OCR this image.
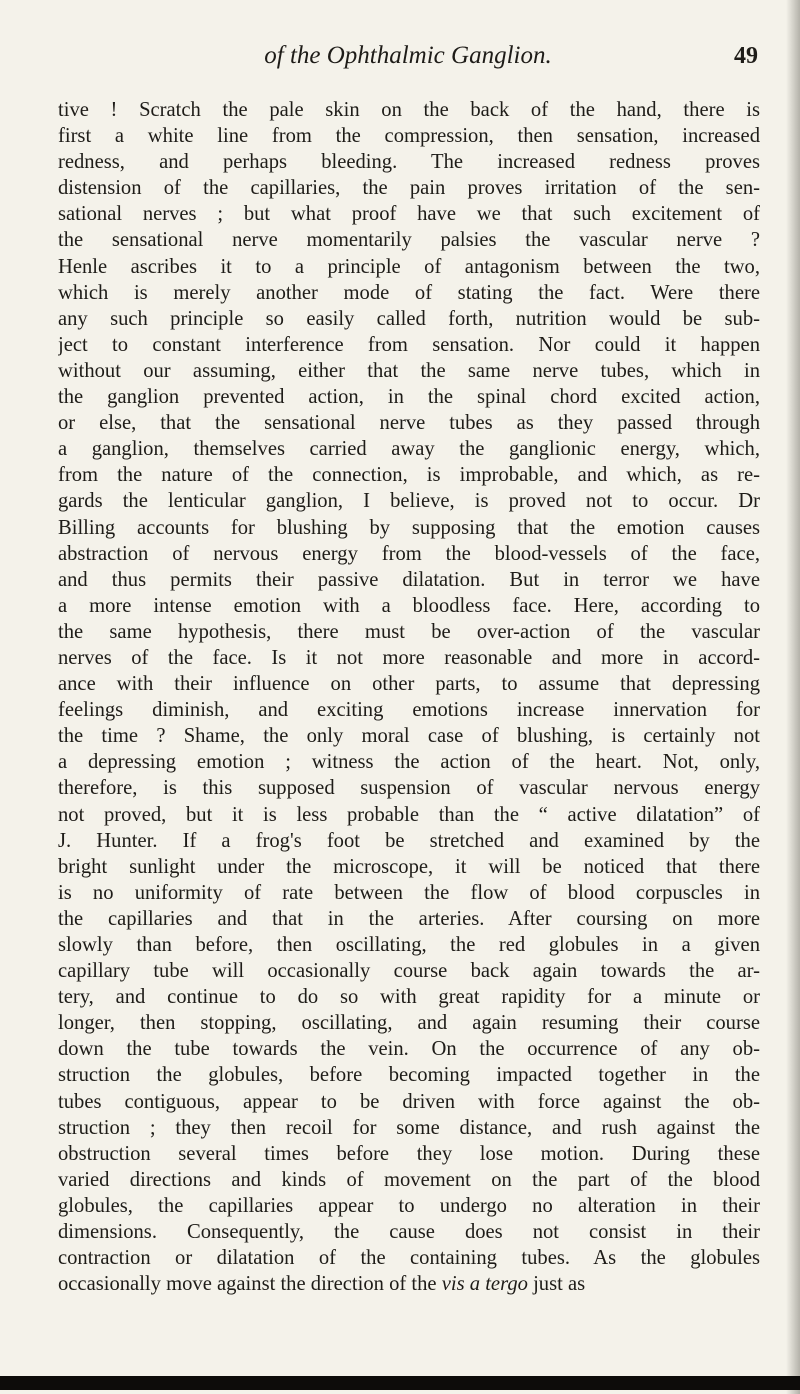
of the Ophthalmic Ganglion.	49
tive ! Scratch the pale skin on the back of the hand, there is
first a white line from the compression, then sensation, increased
redness, and perhaps bleeding. The increased redness proves
distension of the capillaries, the pain proves irritation of the sen-
sational nerves ; but what proof have we that such excitement of
the sensational nerve momentarily palsies the vascular nerve ?
Henle ascribes it to a principle of antagonism between the two,
which is merely another mode of stating the fact. Were there
any such principle so easily called forth, nutrition would be sub-
ject to constant interference from sensation. Nor could it happen
without our assuming, either that the same nerve tubes, which in
the ganglion prevented action, in the spinal chord excited action,
or else, that the sensational nerve tubes as they passed through
a ganglion, themselves carried away the ganglionic energy, which,
from the nature of the connection, is improbable, and which, as re-
gards the lenticular ganglion, I believe, is proved not to occur. Dr
Billing accounts for blushing by supposing that the emotion causes
abstraction of nervous energy from the blood-vessels of the face,
and thus permits their passive dilatation. But in terror we have
a more intense emotion with a bloodless face. Here, according to
the same hypothesis, there must be over-action of the vascular
nerves of the face. Is it not more reasonable and more in accord-
ance with their influence on other parts, to assume that depressing
feelings diminish, and exciting emotions increase innervation for
the time ? Shame, the only moral case of blushing, is certainly not
a depressing emotion ; witness the action of the heart. Not, only,
therefore, is this supposed suspension of vascular nervous energy
not proved, but it is less probable than the “ active dilatation” of
J. Hunter. If a frog's foot be stretched and examined by the
bright sunlight under the microscope, it will be noticed that there
is no uniformity of rate between the flow of blood corpuscles in
the capillaries and that in the arteries. After coursing on more
slowly than before, then oscillating, the red globules in a given
capillary tube will occasionally course back again towards the ar-
tery, and continue to do so with great rapidity for a minute or
longer, then stopping, oscillating, and again resuming their course
down the tube towards the vein. On the occurrence of any ob-
struction the globules, before becoming impacted together in the
tubes contiguous, appear to be driven with force against the ob-
struction ; they then recoil for some distance, and rush against the
obstruction several times before they lose motion. During these
varied directions and kinds of movement on the part of the blood
globules, the capillaries appear to undergo no alteration in their
dimensions. Consequently, the cause does not consist in their
contraction or dilatation of the containing tubes. As the globules
occasionally move against the direction of the vis a tergo just as
